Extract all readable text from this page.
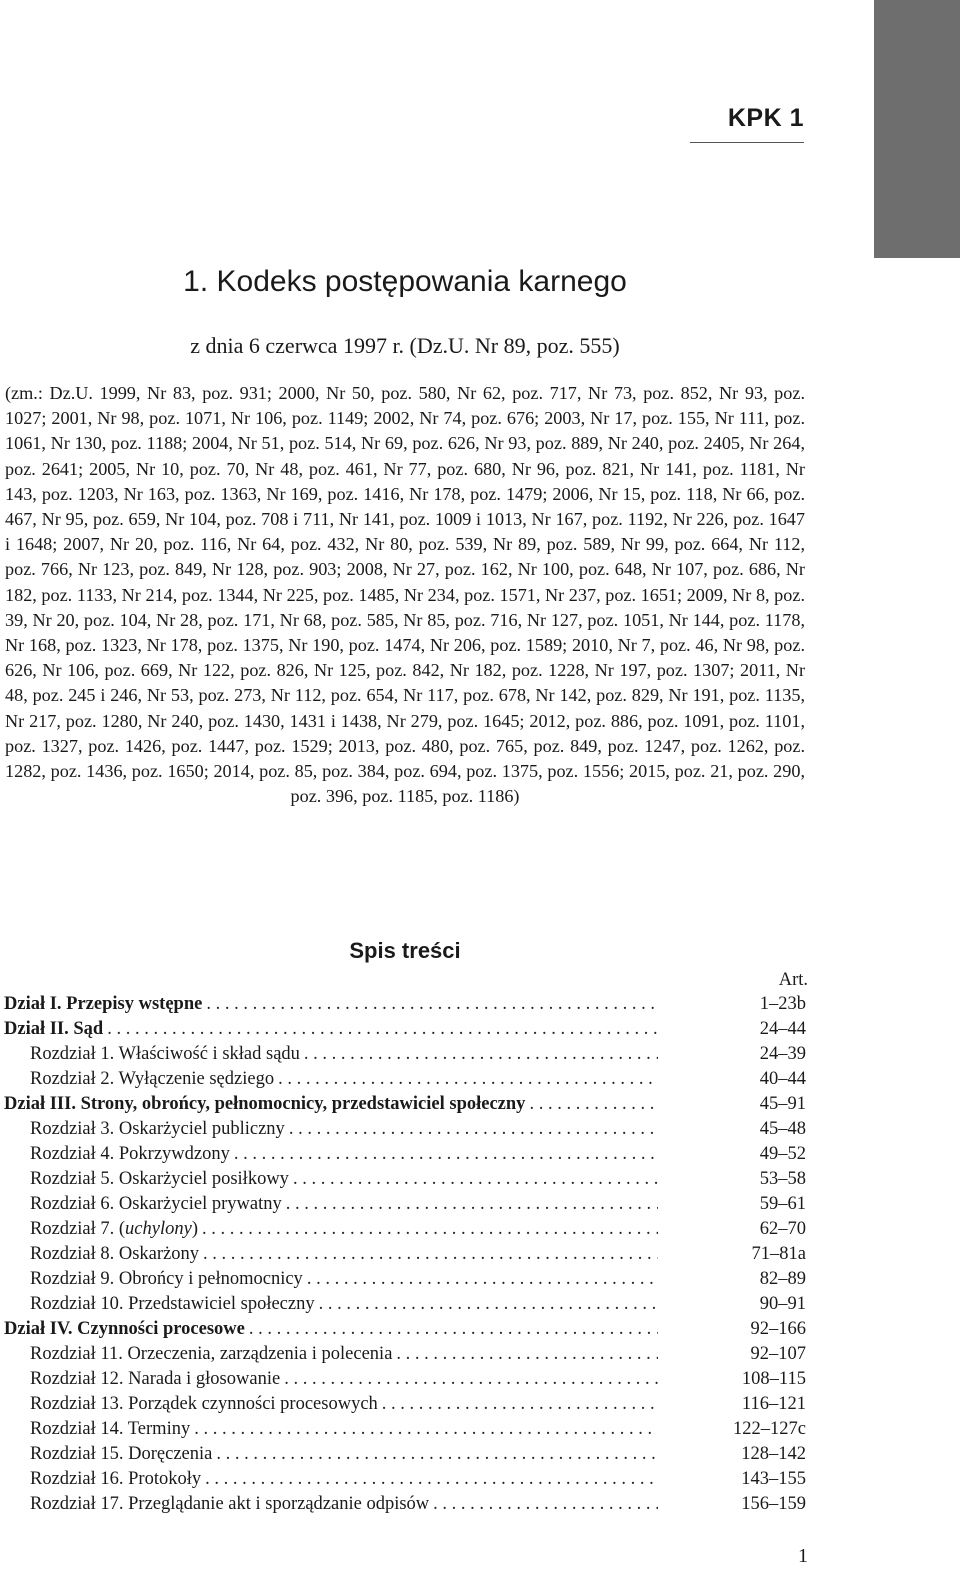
KPK 1
1. Kodeks postępowania karnego
z dnia 6 czerwca 1997 r. (Dz.U. Nr 89, poz. 555)
(zm.: Dz.U. 1999, Nr 83, poz. 931; 2000, Nr 50, poz. 580, Nr 62, poz. 717, Nr 73, poz. 852, Nr 93, poz. 1027; 2001, Nr 98, poz. 1071, Nr 106, poz. 1149; 2002, Nr 74, poz. 676; 2003, Nr 17, poz. 155, Nr 111, poz. 1061, Nr 130, poz. 1188; 2004, Nr 51, poz. 514, Nr 69, poz. 626, Nr 93, poz. 889, Nr 240, poz. 2405, Nr 264, poz. 2641; 2005, Nr 10, poz. 70, Nr 48, poz. 461, Nr 77, poz. 680, Nr 96, poz. 821, Nr 141, poz. 1181, Nr 143, poz. 1203, Nr 163, poz. 1363, Nr 169, poz. 1416, Nr 178, poz. 1479; 2006, Nr 15, poz. 118, Nr 66, poz. 467, Nr 95, poz. 659, Nr 104, poz. 708 i 711, Nr 141, poz. 1009 i 1013, Nr 167, poz. 1192, Nr 226, poz. 1647 i 1648; 2007, Nr 20, poz. 116, Nr 64, poz. 432, Nr 80, poz. 539, Nr 89, poz. 589, Nr 99, poz. 664, Nr 112, poz. 766, Nr 123, poz. 849, Nr 128, poz. 903; 2008, Nr 27, poz. 162, Nr 100, poz. 648, Nr 107, poz. 686, Nr 182, poz. 1133, Nr 214, poz. 1344, Nr 225, poz. 1485, Nr 234, poz. 1571, Nr 237, poz. 1651; 2009, Nr 8, poz. 39, Nr 20, poz. 104, Nr 28, poz. 171, Nr 68, poz. 585, Nr 85, poz. 716, Nr 127, poz. 1051, Nr 144, poz. 1178, Nr 168, poz. 1323, Nr 178, poz. 1375, Nr 190, poz. 1474, Nr 206, poz. 1589; 2010, Nr 7, poz. 46, Nr 98, poz. 626, Nr 106, poz. 669, Nr 122, poz. 826, Nr 125, poz. 842, Nr 182, poz. 1228, Nr 197, poz. 1307; 2011, Nr 48, poz. 245 i 246, Nr 53, poz. 273, Nr 112, poz. 654, Nr 117, poz. 678, Nr 142, poz. 829, Nr 191, poz. 1135, Nr 217, poz. 1280, Nr 240, poz. 1430, 1431 i 1438, Nr 279, poz. 1645; 2012, poz. 886, poz. 1091, poz. 1101, poz. 1327, poz. 1426, poz. 1447, poz. 1529; 2013, poz. 480, poz. 765, poz. 849, poz. 1247, poz. 1262, poz. 1282, poz. 1436, poz. 1650; 2014, poz. 85, poz. 384, poz. 694, poz. 1375, poz. 1556; 2015, poz. 21, poz. 290, poz. 396, poz. 1185, poz. 1186)
Spis treści
Art.
Dział I. Przepisy wstępne . . .	1–23b
Dział II. Sąd . . .	24–44
Rozdział 1. Właściwość i skład sądu . . .	24–39
Rozdział 2. Wyłączenie sędziego . . .	40–44
Dział III. Strony, obrońcy, pełnomocnicy, przedstawiciel społeczny . . .	45–91
Rozdział 3. Oskarżyciel publiczny . . .	45–48
Rozdział 4. Pokrzywdzony . . .	49–52
Rozdział 5. Oskarżyciel posiłkowy . . .	53–58
Rozdział 6. Oskarżyciel prywatny . . .	59–61
Rozdział 7. (uchylony) . . .	62–70
Rozdział 8. Oskarżony . . .	71–81a
Rozdział 9. Obrońcy i pełnomocnicy . . .	82–89
Rozdział 10. Przedstawiciel społeczny . . .	90–91
Dział IV. Czynności procesowe . . .	92–166
Rozdział 11. Orzeczenia, zarządzenia i polecenia . . .	92–107
Rozdział 12. Narada i głosowanie . . .	108–115
Rozdział 13. Porządek czynności procesowych . . .	116–121
Rozdział 14. Terminy . . .	122–127c
Rozdział 15. Doręczenia . . .	128–142
Rozdział 16. Protokoły . . .	143–155
Rozdział 17. Przeglądanie akt i sporządzanie odpisów . . .	156–159
1
